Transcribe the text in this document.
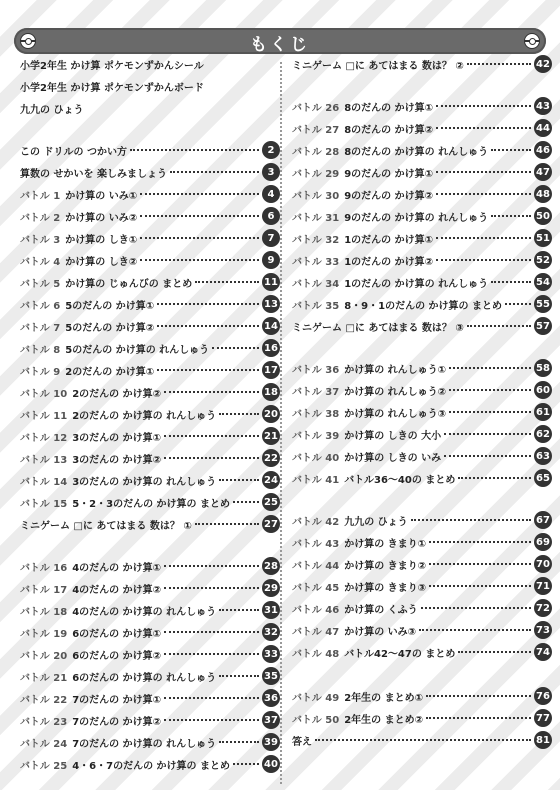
もくじ
小学2年生 かけ算 ポケモンずかんシール
小学2年生 かけ算 ポケモンずかんボード
九九の ひょう
この ドリルの つかい方	2
算数の せかいを 楽しみましょう	3
バトル 1 かけ算の いみ①	4
バトル 2 かけ算の いみ②	6
バトル 3 かけ算の しき①	7
バトル 4 かけ算の しき②	9
バトル 5 かけ算の じゅんびの まとめ	11
バトル 6 5のだんの かけ算①	13
バトル 7 5のだんの かけ算②	14
バトル 8 5のだんの かけ算の れんしゅう	16
バトル 9 2のだんの かけ算①	17
バトル 10 2のだんの かけ算②	18
バトル 11 2のだんの かけ算の れんしゅう	20
バトル 12 3のだんの かけ算①	21
バトル 13 3のだんの かけ算②	22
バトル 14 3のだんの かけ算の れんしゅう	24
バトル 15 5・2・3のだんの かけ算の まとめ	25
ミニゲーム □に あてはまる 数は？ ①	27
バトル 16 4のだんの かけ算①	28
バトル 17 4のだんの かけ算②	29
バトル 18 4のだんの かけ算の れんしゅう	31
バトル 19 6のだんの かけ算①	32
バトル 20 6のだんの かけ算②	33
バトル 21 6のだんの かけ算の れんしゅう	35
バトル 22 7のだんの かけ算①	36
バトル 23 7のだんの かけ算②	37
バトル 24 7のだんの かけ算の れんしゅう	39
バトル 25 4・6・7のだんの かけ算の まとめ	40
ミニゲーム □に あてはまる 数は？ ②	42
バトル 26 8のだんの かけ算①	43
バトル 27 8のだんの かけ算②	44
バトル 28 8のだんの かけ算の れんしゅう	46
バトル 29 9のだんの かけ算①	47
バトル 30 9のだんの かけ算②	48
バトル 31 9のだんの かけ算の れんしゅう	50
バトル 32 1のだんの かけ算①	51
バトル 33 1のだんの かけ算②	52
バトル 34 1のだんの かけ算の れんしゅう	54
バトル 35 8・9・1のだんの かけ算の まとめ	55
ミニゲーム □に あてはまる 数は？ ③	57
バトル 36 かけ算の れんしゅう①	58
バトル 37 かけ算の れんしゅう②	60
バトル 38 かけ算の れんしゅう③	61
バトル 39 かけ算の しきの 大小	62
バトル 40 かけ算の しきの いみ	63
バトル 41 バトル36〜40の まとめ	65
バトル 42 九九の ひょう	67
バトル 43 かけ算の きまり①	69
バトル 44 かけ算の きまり②	70
バトル 45 かけ算の きまり③	71
バトル 46 かけ算の くふう	72
バトル 47 かけ算の いみ③	73
バトル 48 バトル42〜47の まとめ	74
バトル 49 2年生の まとめ①	76
バトル 50 2年生の まとめ②	77
答え	81
